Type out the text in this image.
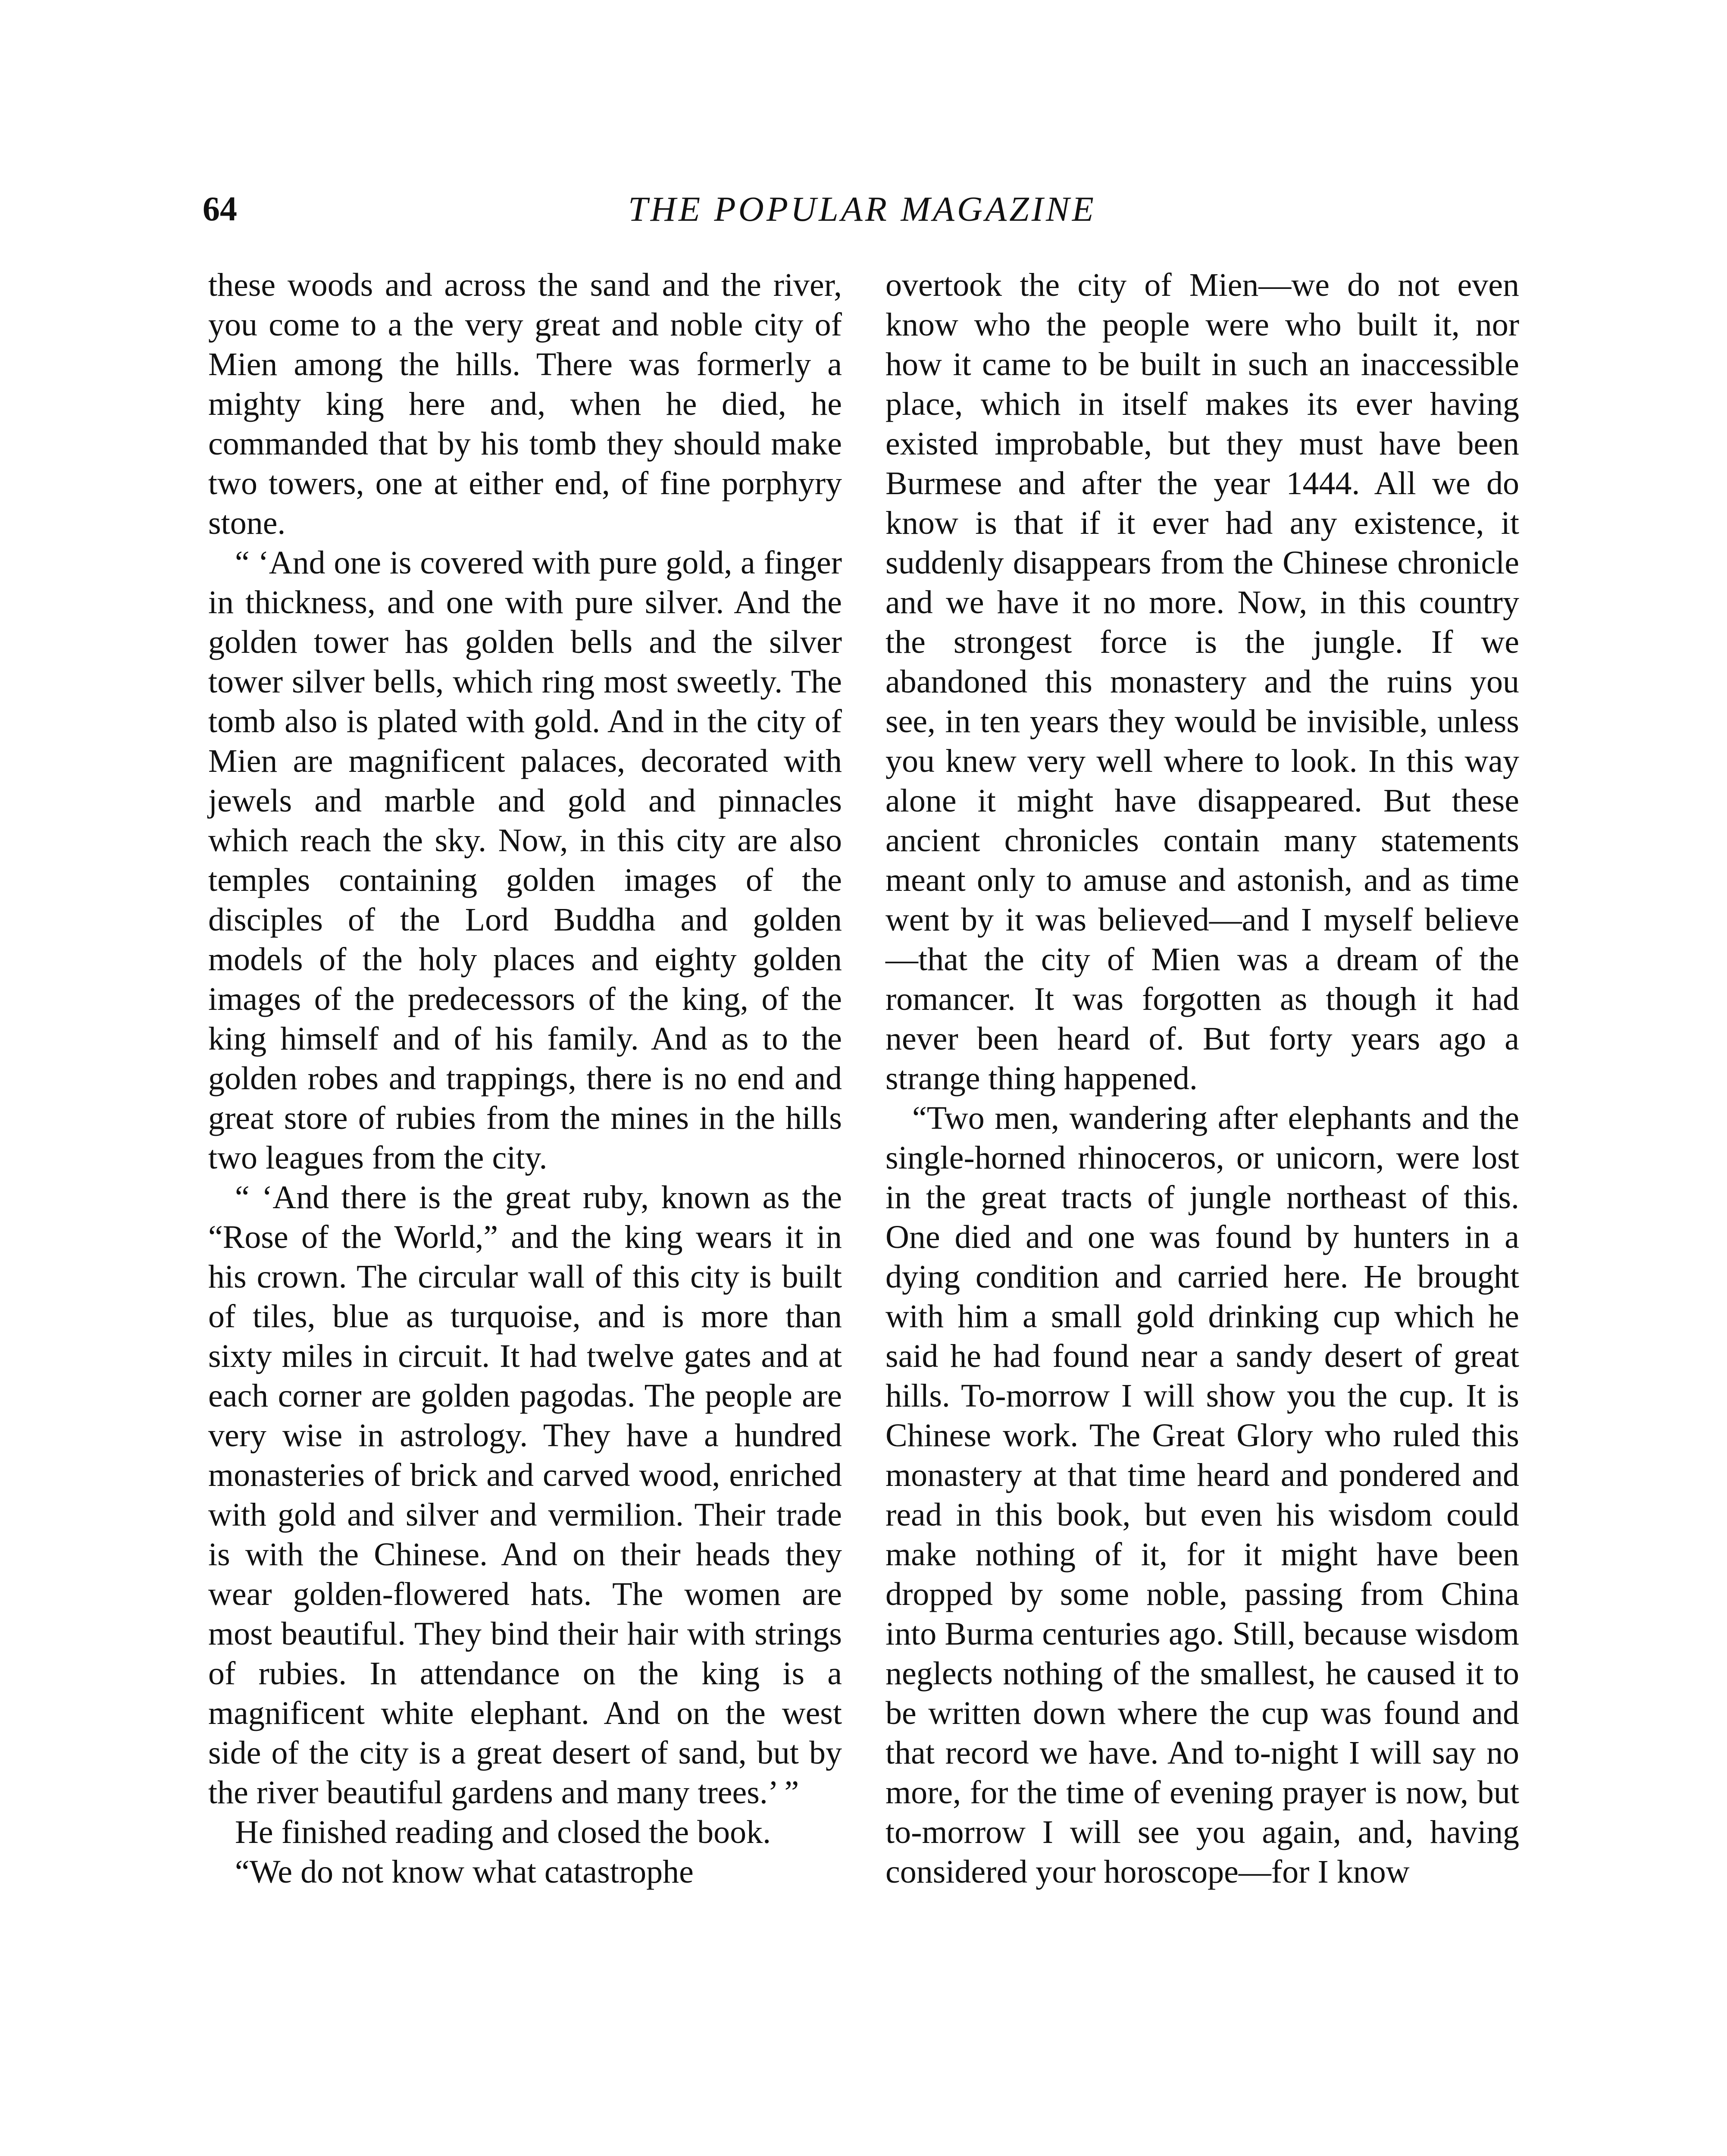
64	THE POPULAR MAGAZINE

these woods and across the sand and the river, you come to a the very great and noble city of Mien among the hills. There was formerly a mighty king here and, when he died, he commanded that by his tomb they should make two towers, one at either end, of fine porphyry stone.

“ ‘And one is covered with pure gold, a finger in thickness, and one with pure silver. And the golden tower has golden bells and the silver tower silver bells, which ring most sweetly. The tomb also is plated with gold. And in the city of Mien are magnificent palaces, decorated with jewels and marble and gold and pinnacles which reach the sky. Now, in this city are also temples containing golden images of the disciples of the Lord Buddha and golden models of the holy places and eighty golden images of the predecessors of the king, of the king himself and of his family. And as to the golden robes and trappings, there is no end and great store of rubies from the mines in the hills two leagues from the city.

“ ‘And there is the great ruby, known as the “Rose of the World,” and the king wears it in his crown. The circular wall of this city is built of tiles, blue as turquoise, and is more than sixty miles in circuit. It had twelve gates and at each corner are golden pagodas. The people are very wise in astrology. They have a hundred monasteries of brick and carved wood, enriched with gold and silver and vermilion. Their trade is with the Chinese. And on their heads they wear golden-flowered hats. The women are most beautiful. They bind their hair with strings of rubies. In attendance on the king is a magnificent white elephant. And on the west side of the city is a great desert of sand, but by the river beautiful gardens and many trees.’ ”

He finished reading and closed the book.

“We do not know what catastrophe

overtook the city of Mien—we do not even know who the people were who built it, nor how it came to be built in such an inaccessible place, which in itself makes its ever having existed improbable, but they must have been Burmese and after the year 1444. All we do know is that if it ever had any existence, it suddenly disappears from the Chinese chronicle and we have it no more. Now, in this country the strongest force is the jungle. If we abandoned this monastery and the ruins you see, in ten years they would be invisible, unless you knew very well where to look. In this way alone it might have disappeared. But these ancient chronicles contain many statements meant only to amuse and astonish, and as time went by it was believed—and I myself believe—that the city of Mien was a dream of the romancer. It was forgotten as though it had never been heard of. But forty years ago a strange thing happened.

“Two men, wandering after elephants and the single-horned rhinoceros, or unicorn, were lost in the great tracts of jungle northeast of this. One died and one was found by hunters in a dying condition and carried here. He brought with him a small gold drinking cup which he said he had found near a sandy desert of great hills. To-morrow I will show you the cup. It is Chinese work. The Great Glory who ruled this monastery at that time heard and pondered and read in this book, but even his wisdom could make nothing of it, for it might have been dropped by some noble, passing from China into Burma centuries ago. Still, because wisdom neglects nothing of the smallest, he caused it to be written down where the cup was found and that record we have. And to-night I will say no more, for the time of evening prayer is now, but to-morrow I will see you again, and, having considered your horoscope—for I know
